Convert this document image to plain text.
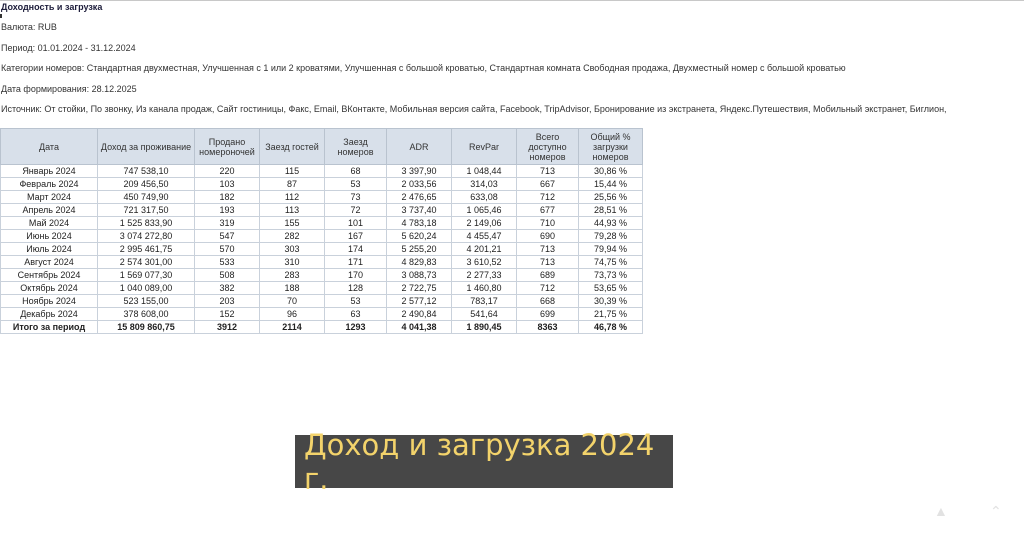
Доходность и загрузка
Валюта: RUB
Период: 01.01.2024 - 31.12.2024
Категории номеров: Стандартная двухместная, Улучшенная с 1 или 2 кроватями, Улучшенная с большой кроватью, Стандартная комната Свободная продажа, Двухместный номер с большой кроватью
Дата формирования: 28.12.2025
Источник: От стойки, По звонку, Из канала продаж, Сайт гостиницы, Факс, Email, ВКонтакте, Мобильная версия сайта, Facebook, TripAdvisor, Бронирование из экстранета, Яндекс.Путешествия, Мобильный экстранет, Биглион,
Дата	Доход за проживание	Продано номероночей	Заезд гостей	Заезд номеров	ADR	RevPar	Всего доступно номеров	Общий % загрузки номеров
Январь 2024	747 538,10	220	115	68	3 397,90	1 048,44	713	30,86 %
Февраль 2024	209 456,50	103	87	53	2 033,56	314,03	667	15,44 %
Март 2024	450 749,90	182	112	73	2 476,65	633,08	712	25,56 %
Апрель 2024	721 317,50	193	113	72	3 737,40	1 065,46	677	28,51 %
Май 2024	1 525 833,90	319	155	101	4 783,18	2 149,06	710	44,93 %
Июнь 2024	3 074 272,80	547	282	167	5 620,24	4 455,47	690	79,28 %
Июль 2024	2 995 461,75	570	303	174	5 255,20	4 201,21	713	79,94 %
Август 2024	2 574 301,00	533	310	171	4 829,83	3 610,52	713	74,75 %
Сентябрь 2024	1 569 077,30	508	283	170	3 088,73	2 277,33	689	73,73 %
Октябрь 2024	1 040 089,00	382	188	128	2 722,75	1 460,80	712	53,65 %
Ноябрь 2024	523 155,00	203	70	53	2 577,12	783,17	668	30,39 %
Декабрь 2024	378 608,00	152	96	63	2 490,84	541,64	699	21,75 %
Итого за период	15 809 860,75	3912	2114	1293	4 041,38	1 890,45	8363	46,78 %
Доход и загрузка 2024 г.
▲	⌃
